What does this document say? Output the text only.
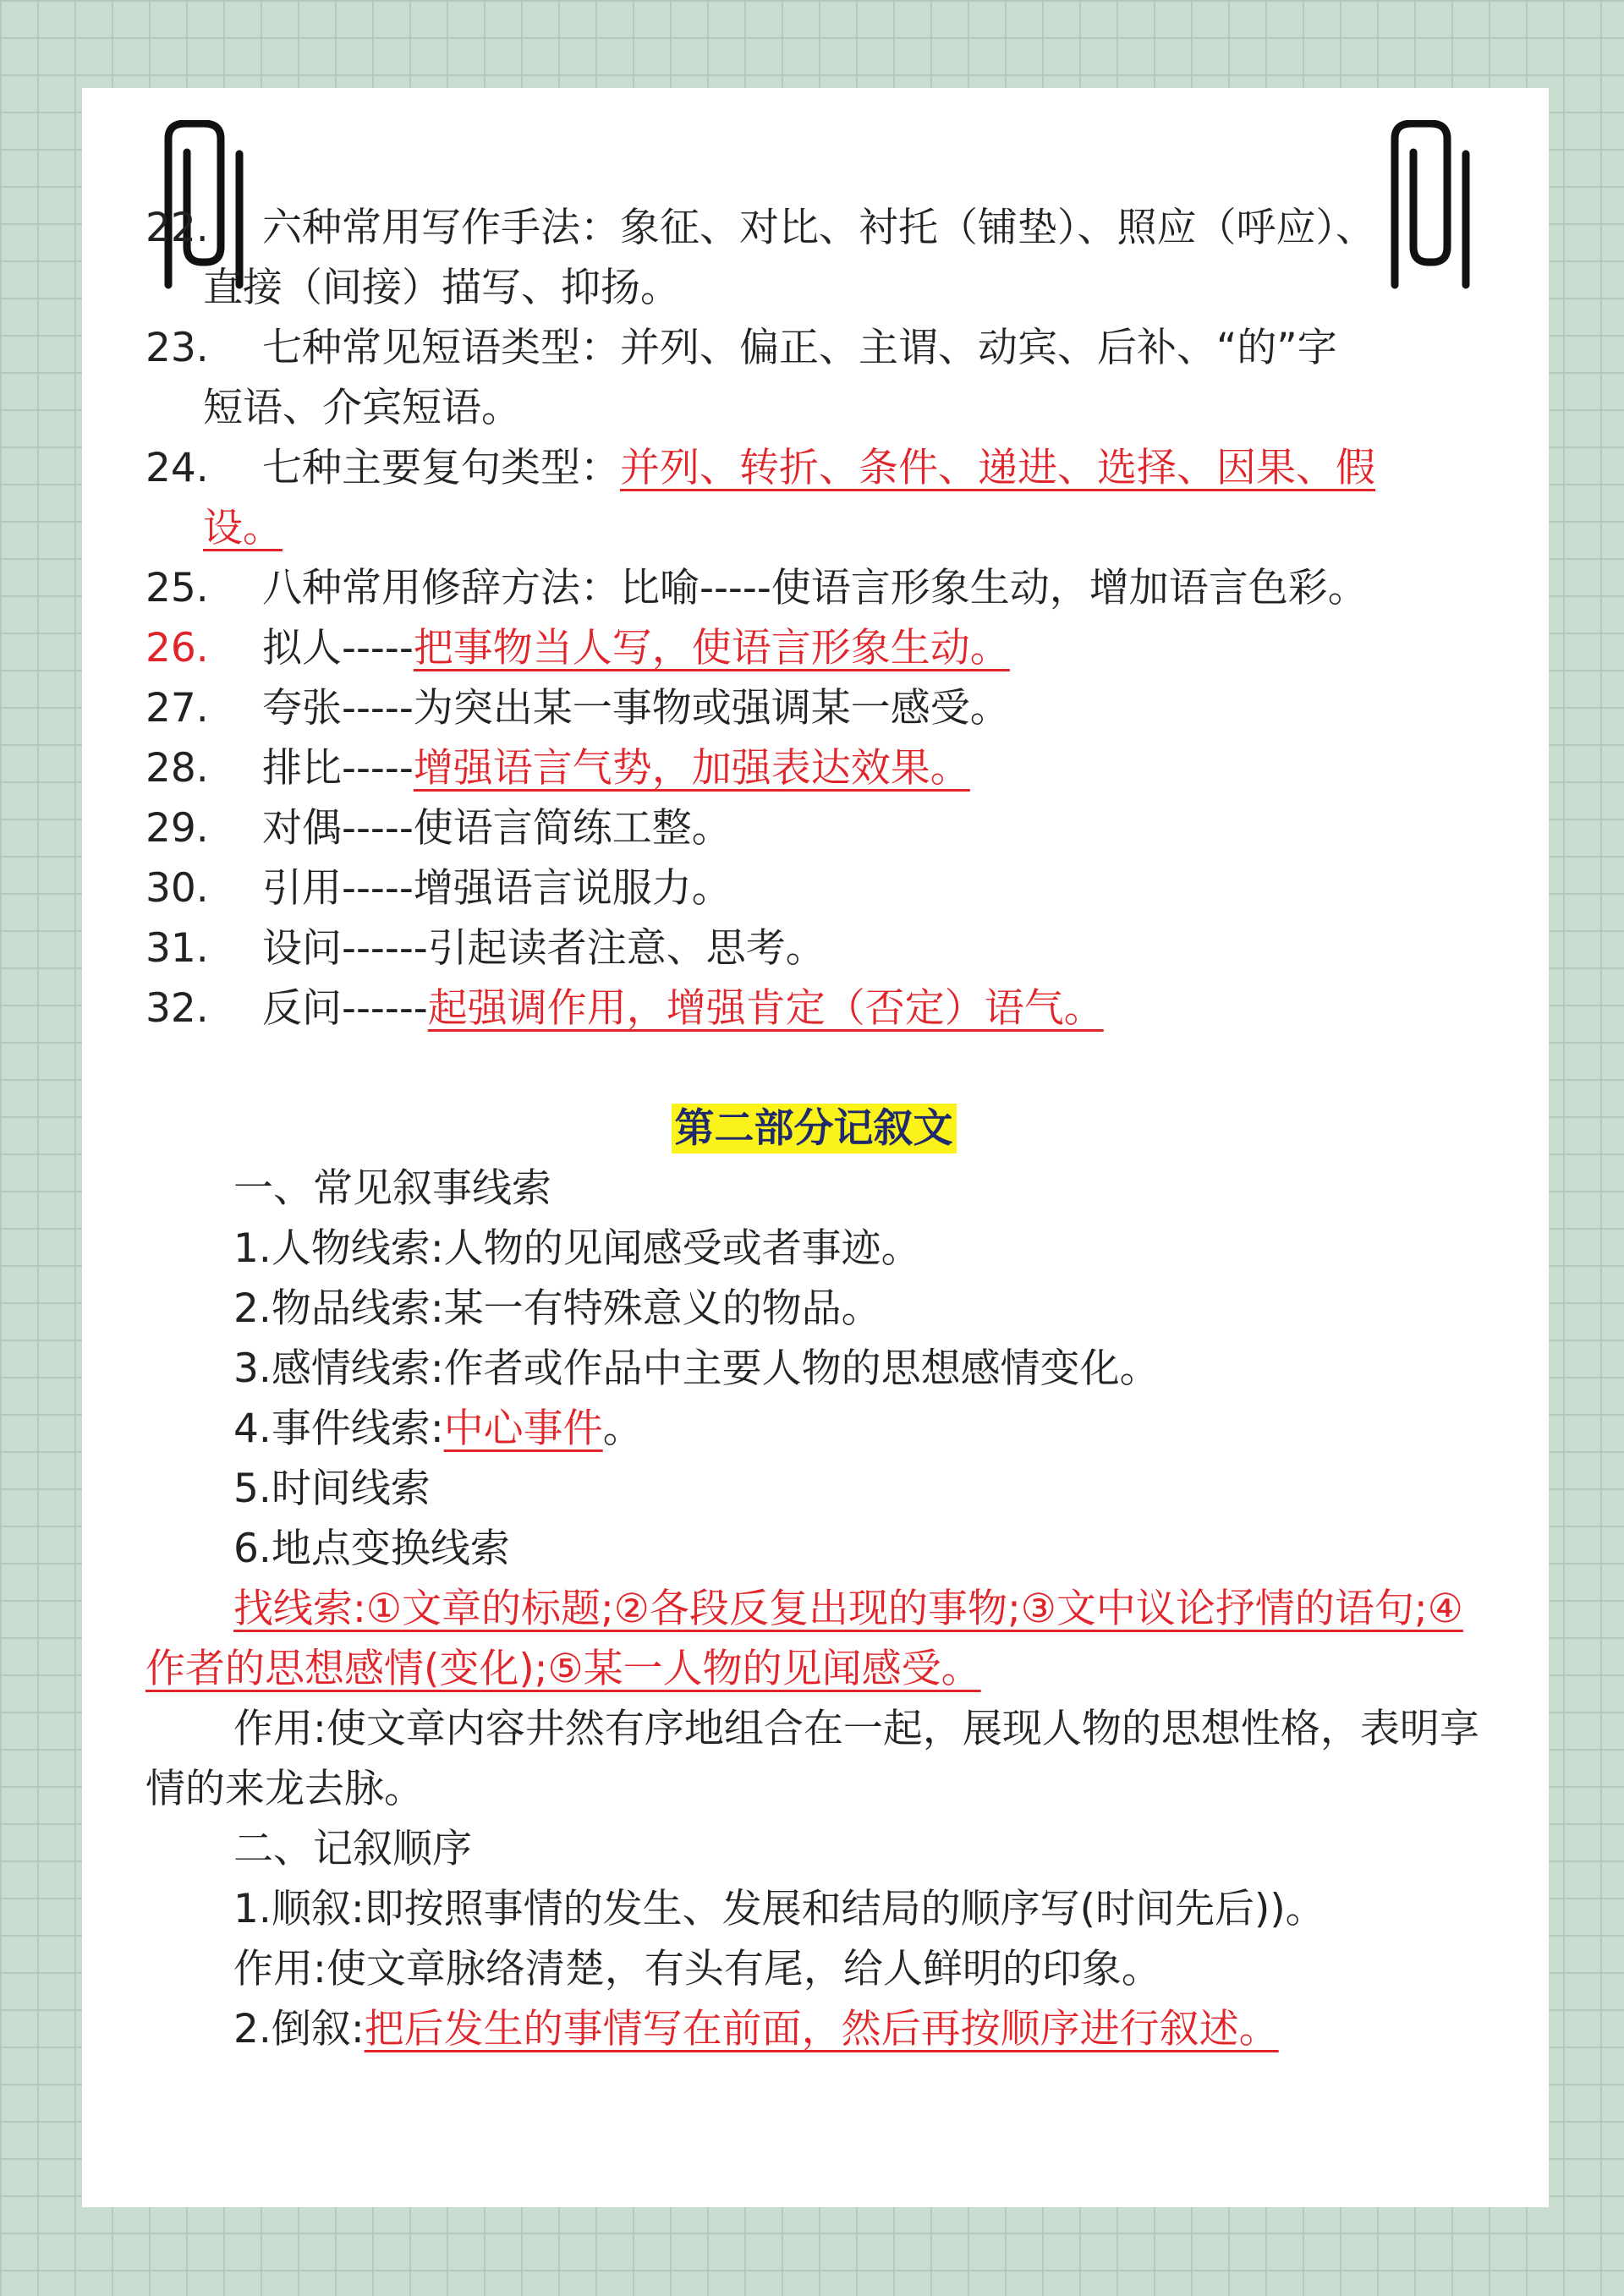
22.	六种常用写作手法：象征、对比、衬托（铺垫）、照应（呼应）、
直接（间接）描写、抑扬。
23.	七种常见短语类型：并列、偏正、主谓、动宾、后补、“的”字
短语、介宾短语。
24.	七种主要复句类型：并列、转折、条件、递进、选择、因果、假
设。
25.	八种常用修辞方法：比喻-----使语言形象生动，增加语言色彩。
26.	拟人-----把事物当人写，使语言形象生动。
27.	夸张-----为突出某一事物或强调某一感受。
28.	排比-----增强语言气势，加强表达效果。
29.	对偶-----使语言简练工整。
30.	引用-----增强语言说服力。
31.	设问------引起读者注意、思考。
32.	反问------起强调作用，增强肯定（否定）语气。
第二部分记叙文
一、常见叙事线索
1.人物线索:人物的见闻感受或者事迹。
2.物品线索:某一有特殊意义的物品。
3.感情线索:作者或作品中主要人物的思想感情变化。
4.事件线索:中心事件。
5.时间线索
6.地点变换线索
找线索:①文章的标题;②各段反复出现的事物;③文中议论抒情的语句;④作者的思想感情(变化);⑤某一人物的见闻感受。
作用:使文章内容井然有序地组合在一起，展现人物的思想性格，表明享情的来龙去脉。
二、记叙顺序
1.顺叙:即按照事情的发生、发展和结局的顺序写(时间先后))。
作用:使文章脉络清楚，有头有尾，给人鲜明的印象。
2.倒叙:把后发生的事情写在前面，然后再按顺序进行叙述。
